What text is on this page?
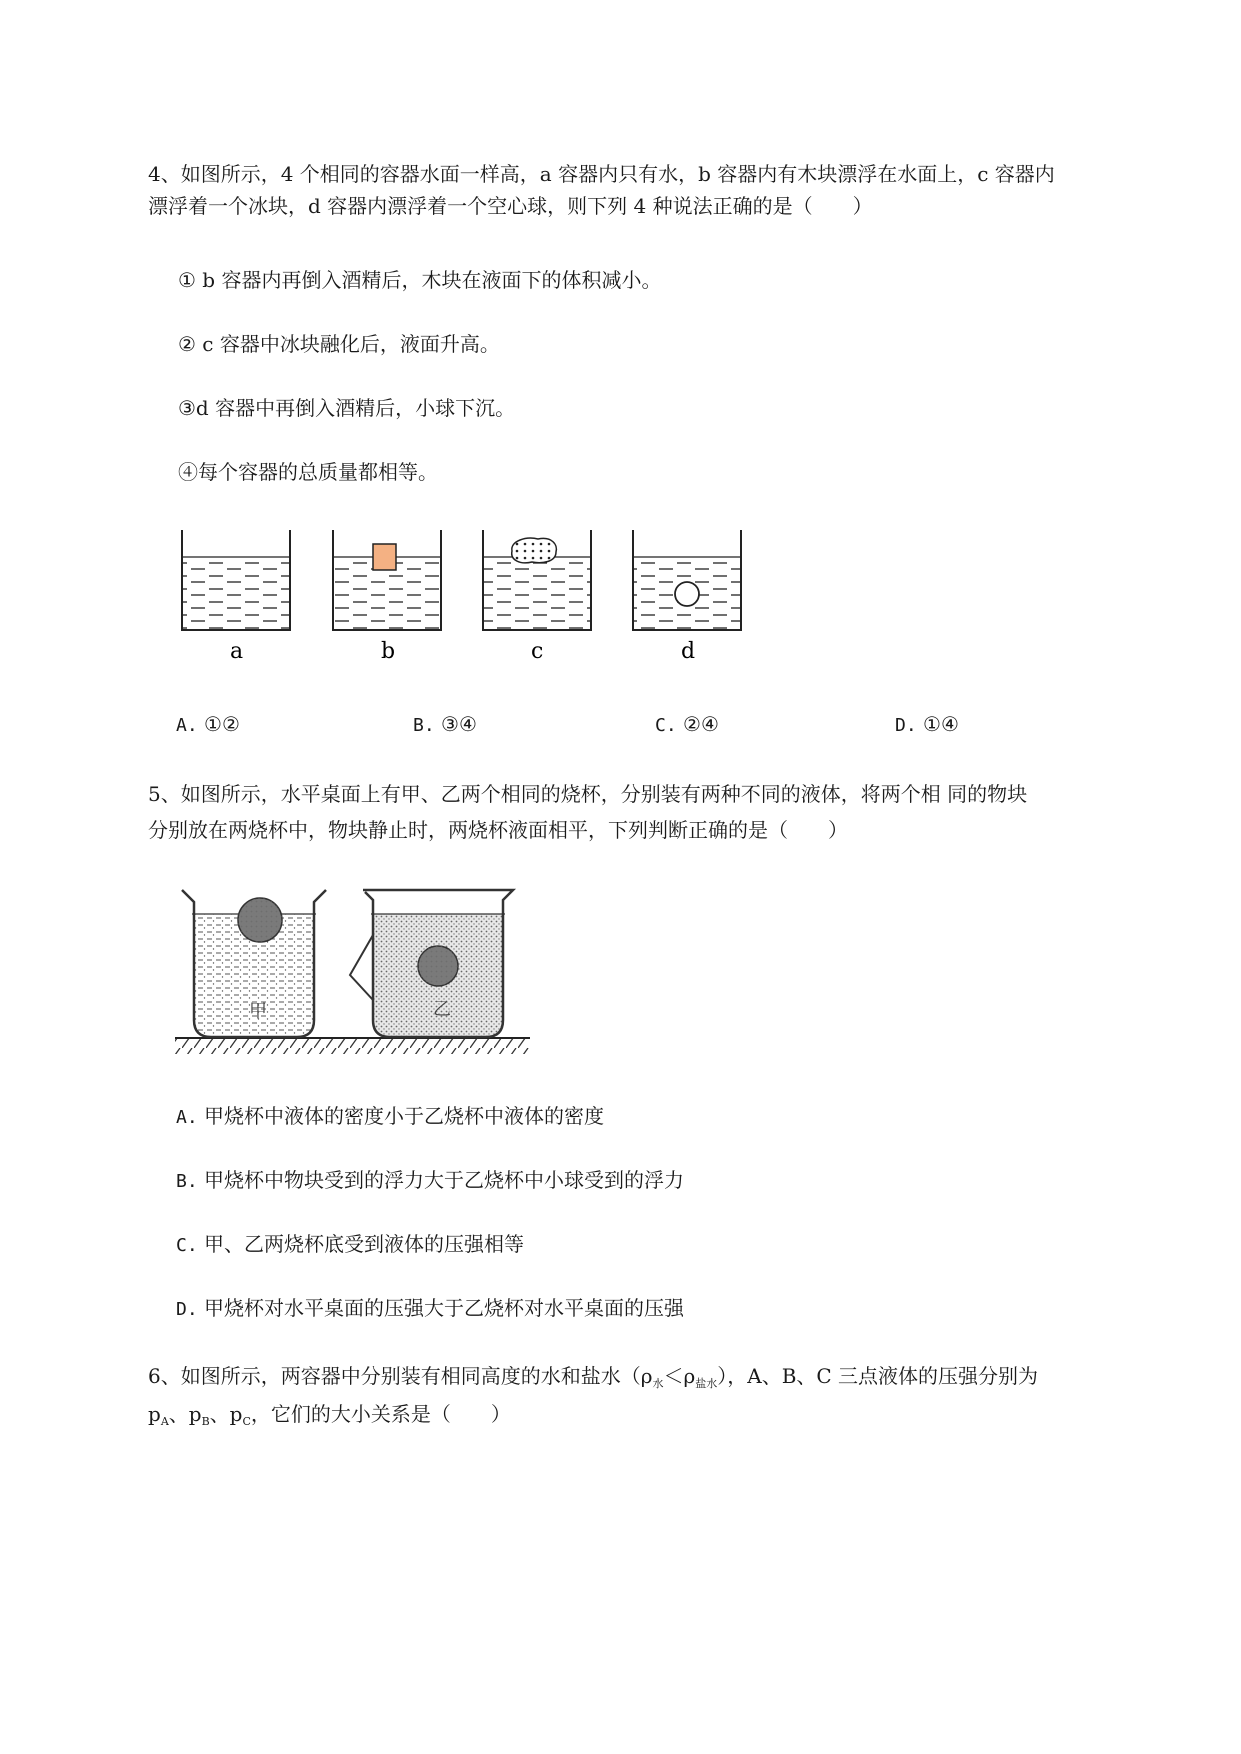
4、如图所示，4 个相同的容器水面一样高，a 容器内只有水，b 容器内有木块漂浮在水面上，c 容器内
漂浮着一个冰块，d 容器内漂浮着一个空心球，则下列 4 种说法正确的是（　　）
① b 容器内再倒入酒精后，木块在液面下的体积减小。
② c 容器中冰块融化后，液面升高。
③d 容器中再倒入酒精后，小球下沉。
④每个容器的总质量都相等。
a	b	c	d
A. ①②	B. ③④	C. ②④	D. ①④
5、如图所示，水平桌面上有甲、乙两个相同的烧杯，分别装有两种不同的液体，将两个相 同的物块
分别放在两烧杯中，物块静止时，两烧杯液面相平，下列判断正确的是（　　）
甲	乙
A. 甲烧杯中液体的密度小于乙烧杯中液体的密度
B. 甲烧杯中物块受到的浮力大于乙烧杯中小球受到的浮力
C. 甲、乙两烧杯底受到液体的压强相等
D. 甲烧杯对水平桌面的压强大于乙烧杯对水平桌面的压强
6、如图所示，两容器中分别装有相同高度的水和盐水$(\rho_水<\rho_{盐水})$，A、B、C 三点液体的压强分别为
$p_A$、$p_B$、$p_C$，它们的大小关系是（　　）
